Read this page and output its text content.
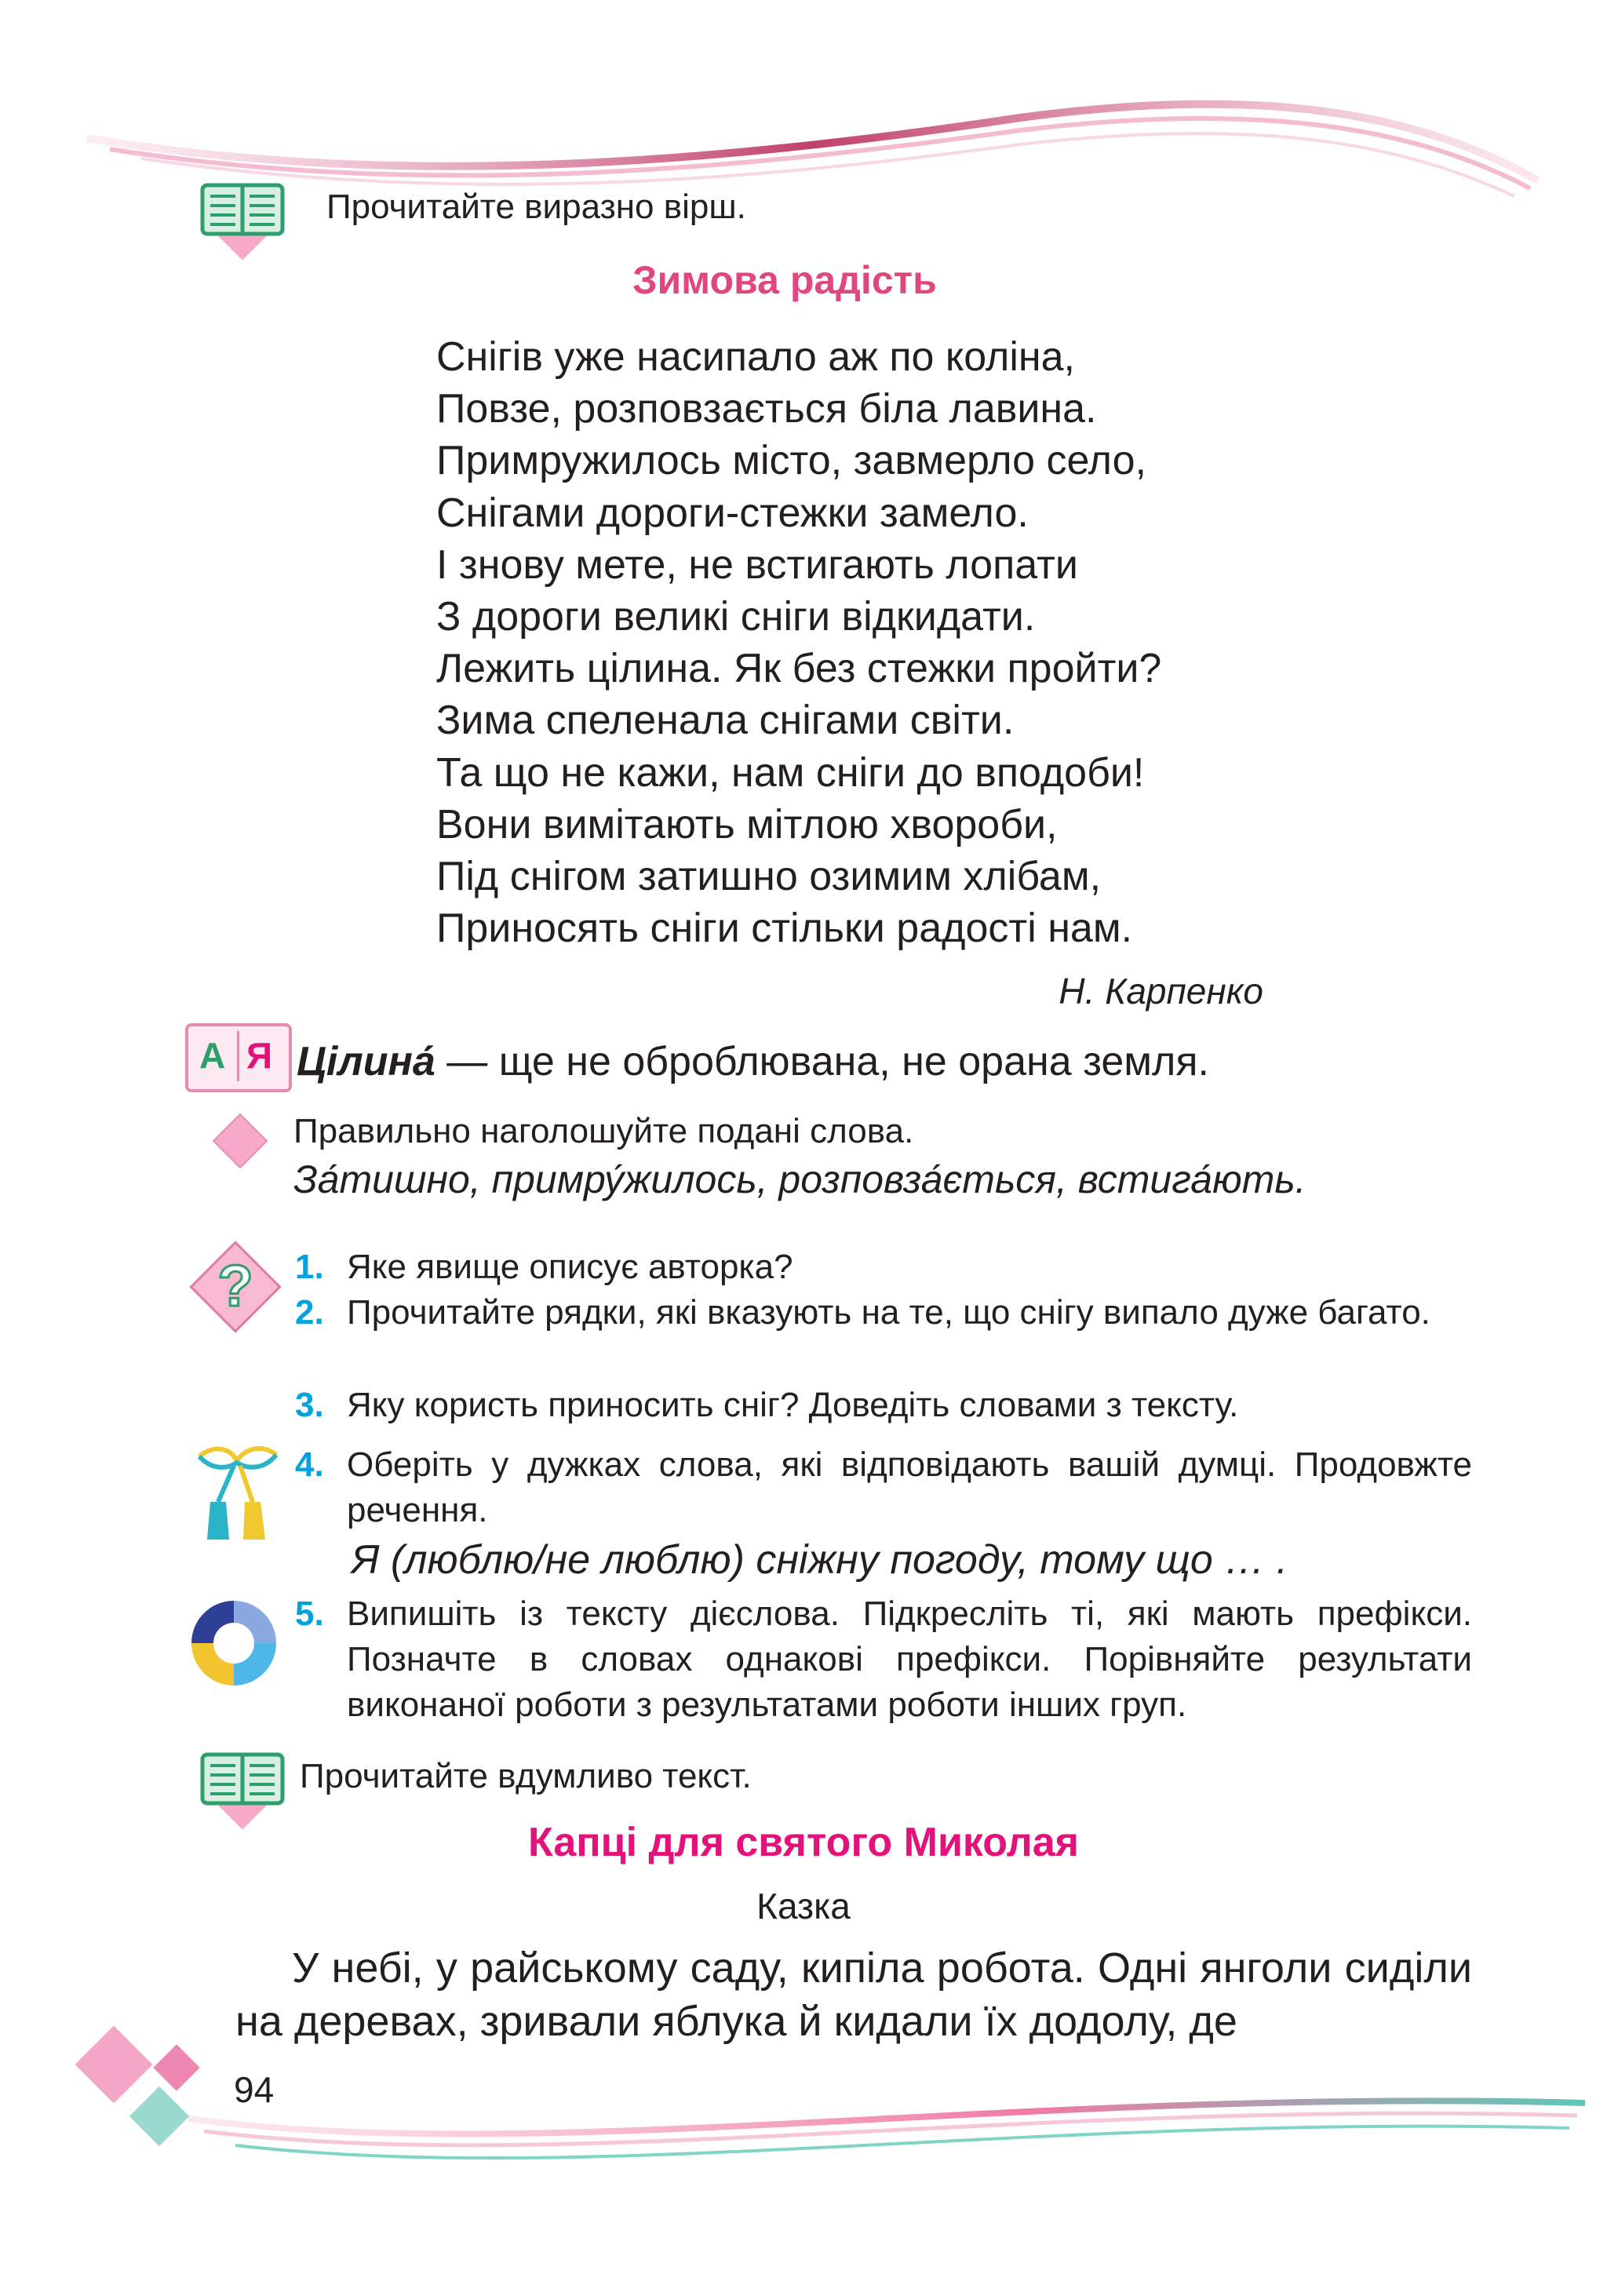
Прочитайте виразно вірш.
Зимова радість
Снігів уже насипало аж по коліна,
Повзе, розповзається біла лавина.
Примружилось місто, завмерло село,
Снігами дороги-стежки замело.
І знову мете, не встигають лопати
З дороги великі сніги відкидати.
Лежить цілина. Як без стежки пройти?
Зима спеленала снігами світи.
Та що не кажи, нам сніги до вподоби!
Вони вимітають мітлою хвороби,
Під снігом затишно озимим хлібам,
Приносять сніги стільки радості нам.
Н. Карпенко
А Я Цілина́ — ще не оброблювана, не орана земля.
Правильно наголошуйте подані слова.
За́тишно, примру́жилось, розповза́ється, встига́ють.
? 1. Яке явище описує авторка?
2. Прочитайте рядки, які вказують на те, що снігу випало дуже багато.
3. Яку користь приносить сніг? Доведіть словами з тексту.
4. Оберіть у дужках слова, які відповідають вашій думці. Продовжте речення.
5. Випишіть із тексту дієслова. Підкресліть ті, які мають префікси. Позначте в словах однакові префікси. Порівняйте результати виконаної роботи з результатами роботи інших груп.
Я (люблю/не люблю) сніжну погоду, тому що … .
Прочитайте вдумливо текст.
Капці для святого Миколая
Казка
У небі, у райському саду, кипіла робота. Одні янголи сиділи на деревах, зривали яблука й кидали їх додолу, де
94
